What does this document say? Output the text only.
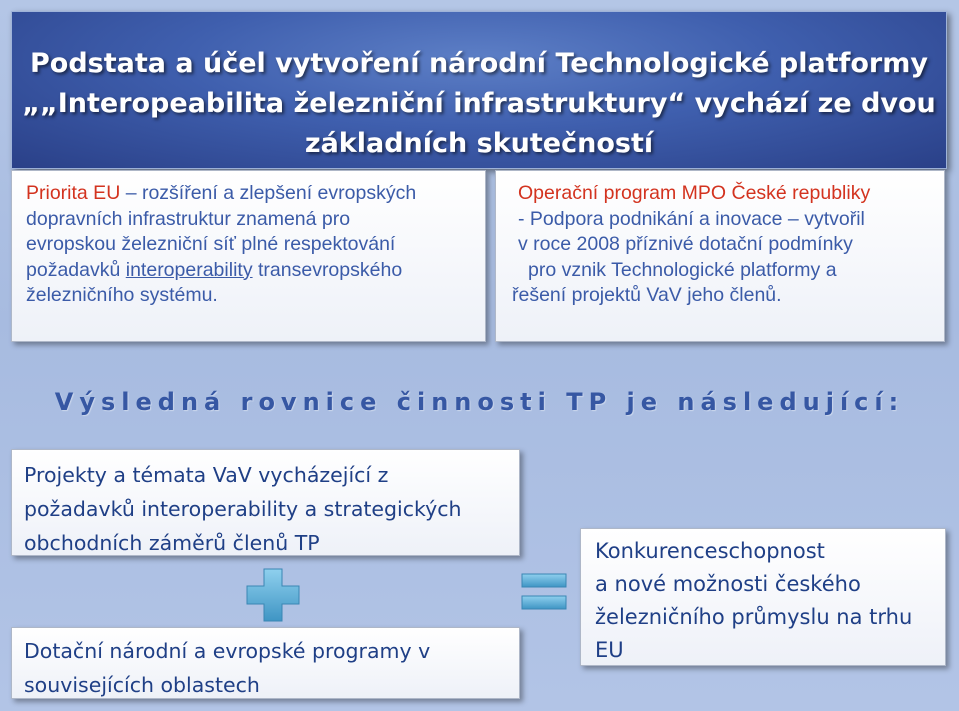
Podstata a účel vytvoření národní Technologické platformy
„„Interopeabilita železniční infrastruktury“ vychází ze dvou
základních skutečností

Priorita EU – rozšíření a zlepšení evropských
dopravních infrastruktur znamená pro
evropskou železniční síť plné respektování
požadavků interoperability transevropského
železničního systému.

Operační program MPO České republiky
- Podpora podnikání a inovace – vytvořil
v roce 2008 příznivé dotační podmínky
pro vznik Technologické platformy a
řešení projektů VaV jeho členů.

Výsledná rovnice činnosti TP je následující:

Projekty a témata VaV vycházející z
požadavků interoperability a strategických
obchodních záměrů členů TP

Dotační národní a evropské programy v
souvisejících oblastech

Konkurenceschopnost
a nové možnosti českého
železničního průmyslu na trhu
EU
